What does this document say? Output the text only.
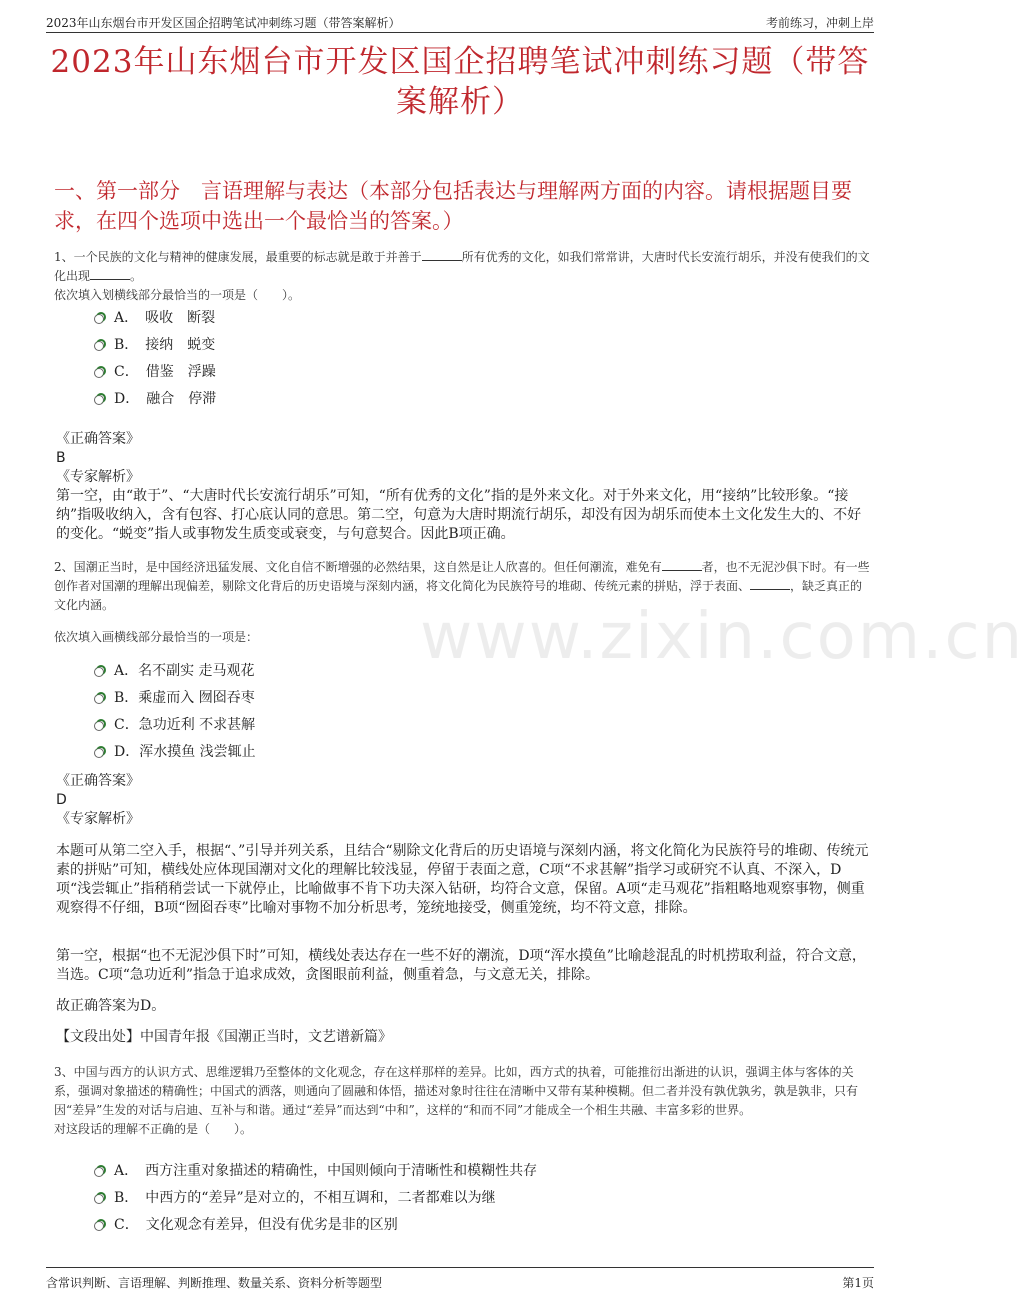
2023年山东烟台市开发区国企招聘笔试冲刺练习题（带答案解析）	考前练习，冲刺上岸
2023年山东烟台市开发区国企招聘笔试冲刺练习题（带答案解析）
一、第一部分　言语理解与表达（本部分包括表达与理解两方面的内容。请根据题目要求，在四个选项中选出一个最恰当的答案。）
www.zixin.com.cn
1、一个民族的文化与精神的健康发展，最重要的标志就是敢于并善于	所有优秀的文化，如我们常常讲，大唐时代长安流行胡乐，并没有使我们的文化出现	。
依次填入划横线部分最恰当的一项是（　　）。
A．　吸收　断裂
B．　接纳　蜕变
C．　借鉴　浮躁
D．　融合　停滞

《正确答案》

B

《专家解析》

第一空，由“敢于”、“大唐时代长安流行胡乐”可知，“所有优秀的文化”指的是外来文化。对于外来文化，用“接纳”比较形象。“接纳”指吸收纳入，含有包容、打心底认同的意思。第二空，句意为大唐时期流行胡乐，却没有因为胡乐而使本土文化发生大的、不好的变化。“蜕变”指人或事物发生质变或衰变，与句意契合。因此B项正确。

2、国潮正当时，是中国经济迅猛发展、文化自信不断增强的必然结果，这自然是让人欣喜的。但任何潮流，难免有	者，也不无泥沙俱下时。有一些创作者对国潮的理解出现偏差，剔除文化背后的历史语境与深刻内涵，将文化简化为民族符号的堆砌、传统元素的拼贴，浮于表面、	，缺乏真正的文化内涵。
依次填入画横线部分最恰当的一项是：
A．名不副实 走马观花
B．乘虚而入 囫囵吞枣
C．急功近利 不求甚解
D．浑水摸鱼 浅尝辄止

《正确答案》

D

《专家解析》

本题可从第二空入手，根据“、”引导并列关系，且结合“剔除文化背后的历史语境与深刻内涵，将文化简化为民族符号的堆砌、传统元素的拼贴”可知，横线处应体现国潮对文化的理解比较浅显，停留于表面之意，C项“不求甚解”指学习或研究不认真、不深入，D项“浅尝辄止”指稍稍尝试一下就停止，比喻做事不肯下功夫深入钻研，均符合文意，保留。A项“走马观花”指粗略地观察事物，侧重观察得不仔细，B项“囫囵吞枣”比喻对事物不加分析思考，笼统地接受，侧重笼统，均不符文意，排除。
第一空，根据“也不无泥沙俱下时”可知，横线处表达存在一些不好的潮流，D项“浑水摸鱼”比喻趁混乱的时机捞取利益，符合文意，当选。C项“急功近利”指急于追求成效，贪图眼前利益，侧重着急，与文意无关，排除。
故正确答案为D。
【文段出处】中国青年报《国潮正当时，文艺谱新篇》
3、中国与西方的认识方式、思维逻辑乃至整体的文化观念，存在这样那样的差异。比如，西方式的执着，可能推衍出渐进的认识，强调主体与客体的关系，强调对象描述的精确性；中国式的洒落，则通向了圆融和体悟，描述对象时往往在清晰中又带有某种模糊。但二者并没有孰优孰劣，孰是孰非，只有因“差异”生发的对话与启迪、互补与和谐。通过“差异”而达到“中和”，这样的“和而不同”才能成全一个相生共融、丰富多彩的世界。
对这段话的理解不正确的是（　　）。
A．　西方注重对象描述的精确性，中国则倾向于清晰性和模糊性共存
B．　中西方的“差异”是对立的，不相互调和，二者都难以为继
C．　文化观念有差异，但没有优劣是非的区别
含常识判断、言语理解、判断推理、数量关系、资料分析等题型	第1页
